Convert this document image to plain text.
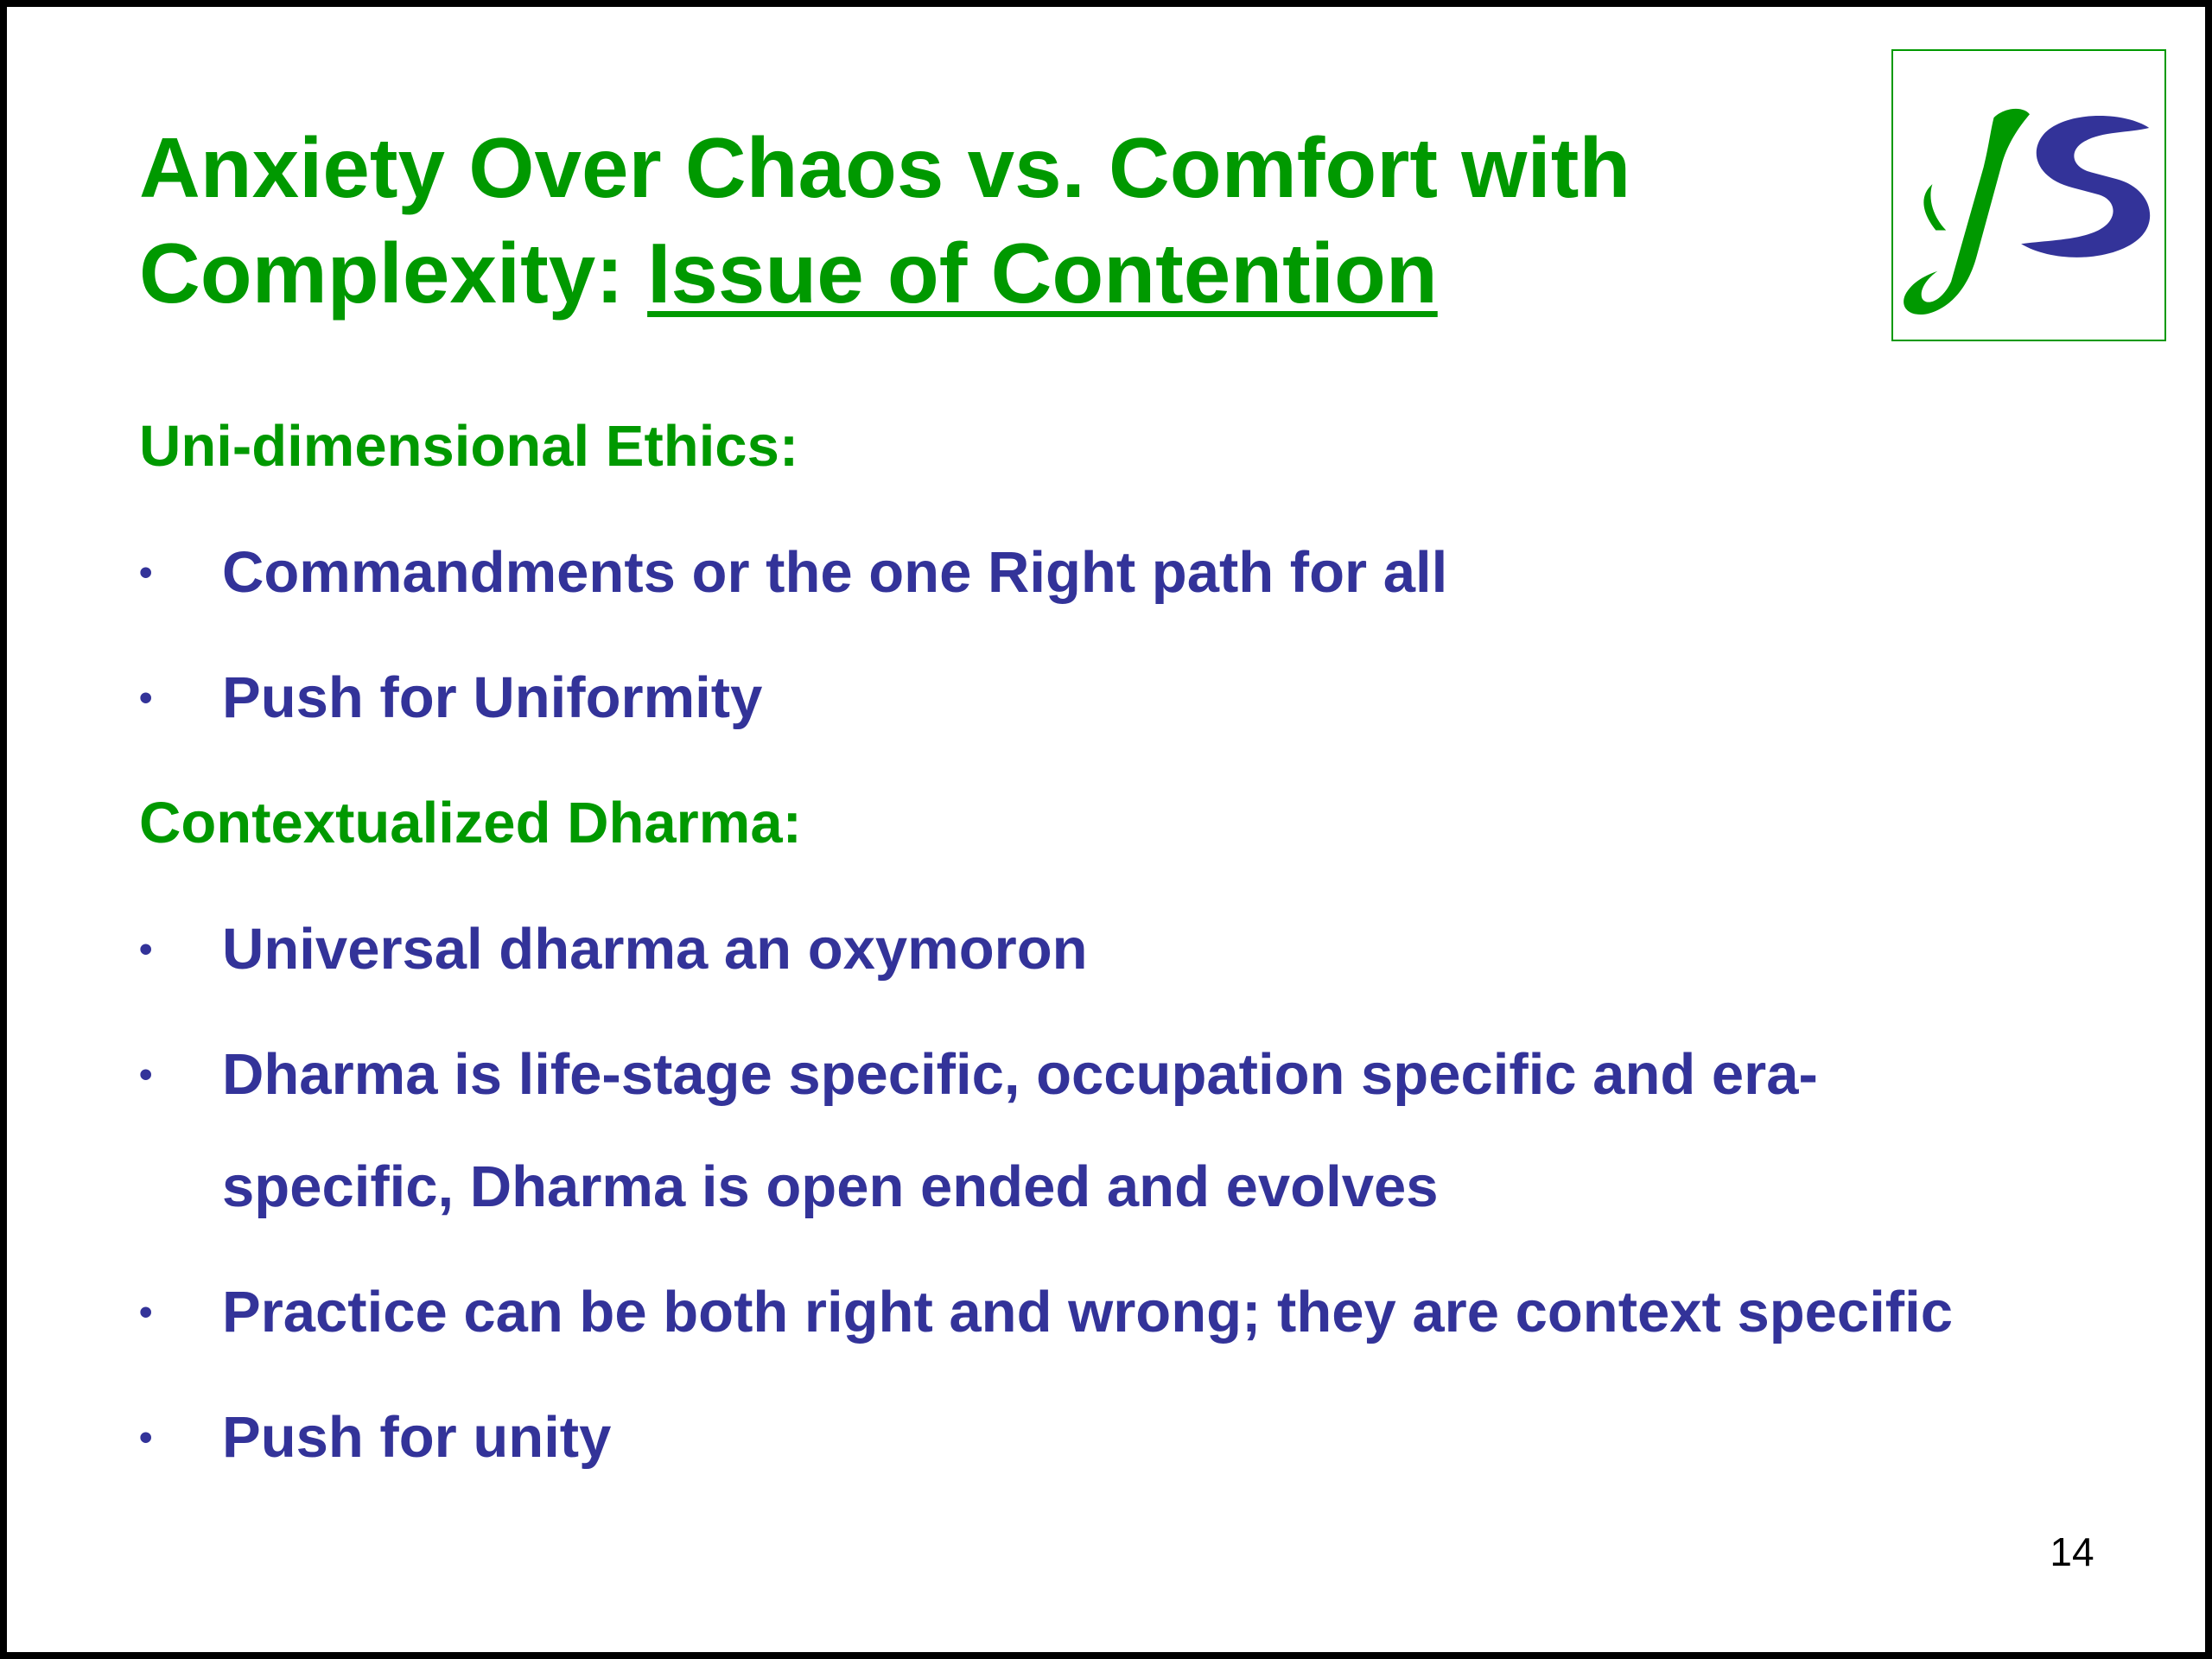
Anxiety Over Chaos vs. Comfort with
Complexity: Issue of Contention
Uni-dimensional Ethics:
•	Commandments or the one Right path for all
•	Push for Uniformity
Contextualized Dharma:
•	Universal dharma an oxymoron
•	Dharma is life-stage specific, occupation specific and era-
specific, Dharma is open ended and evolves
•	Practice can be both right and wrong; they are context specific
•	Push for unity
14
